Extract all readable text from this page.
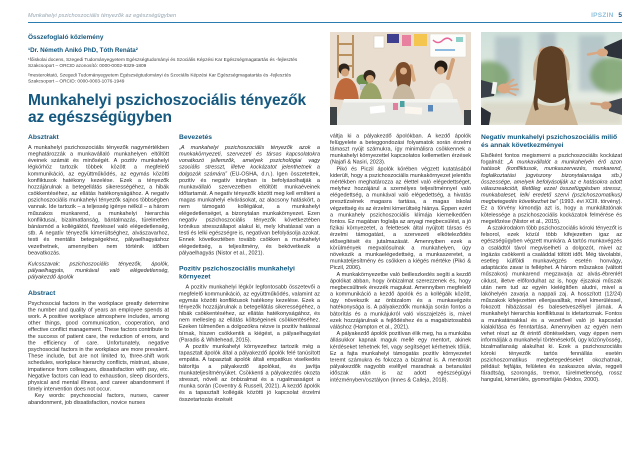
Munkahelyi pszichoszociális tényezők az egészségügyben	IPSZIN 5
Összefoglaló közlemény
¹Dr. Németh Anikó PhD, Tóth Renáta²

¹főiskolai docens, Szegedi Tudományegyetem Egészségtudományi és Szociális Képzési Kar Egészségmagatartás és -fejlesztés Szakcsoport – ORCID azonosító: 0000-0002-9329-1809

²mesteroktató, Szegedi Tudományegyetem Egészségtudományi és Szociális Képzési Kar Egészségmagatartás és -fejlesztés Szakcsoport – ORCID: 0000-0003-1076-1949

Munkahelyi pszichoszociális tényezők az egészségügyben
Absztrakt

A munkahelyi pszichoszociális tényezők nagymértékben meghatározzák a munkavállaló munkahelyen eltöltött éveinek számát és minőségét. A pozitív munkahelyi légkörhöz tartozik többek között a megfelelő kommunikáció, az együttműködés, az egymás közötti konfliktusok hatékony kezelése. Ezek a tényezők hozzájárulnak a betegellátás sikerességéhez, a hibák csökkentéséhez, az ellátás hatékonyságához. A negatív pszichoszociális munkahelyi tényezők sajnos többségben vannak. Ide tartozik – a teljesség igénye nélkül – a három műszakos munkarend, a munkahelyi hierarchia konfliktusai, bizalmatlanság, bántalmazás, türelmetlen bánásmód a kollégáktól, fizetéssel való elégedetlenség, stb. A negatív tényezők kimerültséghez, alvászavarhoz, testi és mentális betegségekhez, pályaelhagyáshoz vezethetnek, amennyiben nem történik időben beavatkozás.

Kulcsszavak: pszichoszociális tényezők, ápolók, pályaelhagyás, munkával való elégedetlenség, pályakezdő ápolók

Abstract

Psychosocial factors in the workplace greatly determine the number and quality of years an employee spends at work. A positive workplace atmosphere includes, among other things, good communication, cooperation, and effective conflict management. These factors contribute to the success of patient care, the reduction of errors, and the efficiency of care. Unfortunately, negative psychosocial factors in the workplace are more prevalent. These include, but are not limited to, three-shift work schedules, workplace hierarchy conflicts, mistrust, abuse, impatience from colleagues, dissatisfaction with pay, etc. Negative factors can lead to exhaustion, sleep disorders, physical and mental illness, and career abandonment if timely intervention does not occur.

Key words: psychosocial factors, nurses, career abandonment, job dissatisfaction, novice nurses

Bevezetés

„A munkahelyi pszichoszociális tényezők azok a munkakörnyezeti, szervezeti és társas kapcsolatokra vonatkozó jellemzők, amelyek pszichológiai vagy szociális stresszt, illetve kockázatot jelenthetnek a dolgozók számára” (EU-OSHA, d.n.). Igen összetettek, pozitív és negatív irányban is befolyásolhatják a munkavállaló szervezetben eltöltött munkaéveinek időtartamát. A negatív tényezők között meg kell említeni a magas munkahelyi elvárásokat, az alacsony hatáskört, a nem támogató kollégákat, a munkahelyi elégedetlenséget, a bizonytalan munkakörnyezet. Ezen negatív pszichoszociális tényezők következtében krónikus stresszállapot alakul ki, mely kihatással van a testi és lelki egészségre is, negatívan befolyásolja azokat. Ennek következtében tovább csökken a munkahelyi elégedettség, a teljesítmény, és bekövetkezik a pályaelhagyás (Nistor et al., 2021).

Pozitív pszichoszociális munkahelyi környezet

A pozitív munkahelyi légkör legfontosabb összetevői a megfelelő kommunikáció, az együttműködés, valamint az egymás közötti konfliktusok hatékony kezelése. Ezek a tényezők hozzájárulnak a betegellátás sikerességéhez, a hibák csökkentéséhez, az ellátás hatékonyságához, és nem mellesleg az ellátás költségeinek csökkentéséhez. Ezeken túlmenően a dolgozókra nézve is pozitív hatással bírnak, hiszen csökkentik a kiégést, a pályaelhagyást (Paradis & Whitehead, 2015).

A pozitív munkahelyi környezethez tartozik még a tapasztalt ápolók által a pályakezdő ápolók felé tanúsított empátia. A tapasztalt ápolók általi empatikus viselkedés bátorítja a pályakezdő ápolókat, és javítja munkateljesítményüket. Csökkenti a pályakezdés okozta stresszt, növeli az önbizalmat és a rugalmasságot a munka során (Coventry & Russell, 2021). A kezdő ápolók és a tapasztalt kollégák közötti jó kapcsolat érzelmi összetartozás érzését

váltja ki a pályakezdő ápolókban. A kezdő ápolók felügyelete a beteggondozási folyamatok során érzelmi támaszt nyújt számukra, így minimálisra csökkennek a munkahelyi környezettel kapcsolatos kellemetlen érzések (Najafi & Nasiri, 2023).

Pikó és Piczil ápolók körében végzett kutatásából kiderült, hogy a pszichoszociális munkakörnyezet jelentős mértékben meghatározza az élettel való elégedettséget, melyhez hozzájárul a személyes teljesítménnyel való elégedettség, a munkával való elégedettség, a hivatás presztízsének magasra tartása, a magas iskolai végzettség és az érzelmi kimerültség hiánya. Éppen ezért a munkahely pszichoszociális klímája kiemelkedően fontos. Ez magában foglalja az anyagi megbecsülést, a jó fizikai környezetet, a felettesek által nyújtott társas és érzelmi támogatást, a szervezeti elköteleződés elősegítését és jutalmazását. Amennyiben ezek a körülmények megvalósulnak a munkahelyen, úgy növekszik a munkaelégedettség, a munkaszeretet, a munkateljesítmény és csökken a kiégés mértéke (Pikó & Piczil, 2006).

A munkakörnyezetbe való beilleszkedés segíti a kezdő ápolókat abban, hogy önbizalmat szerezzenek és, hogy megbecsültnek érezzék magukat. Amennyiben megfelelő a kommunikáció a kezdő ápolók és a kollégáik között, úgy növekszik az önbizalom és a munkavégzés hatékonysága is. A pályakezdők munkája során fontos a bátorítás és a munkájukról való visszajelzés is, mivel ezek hozzájárulnak a fejlődéshez és a magabiztosabbá váláshoz (Hampton et al., 2021).

A pályakezdő ápolók pozitívan élik meg, ha a munkába állásukkor kapnak maguk mellé egy mentort, akinek kérdéseket tehetnek fel, vagy segítséget kérhetnek tőlük. Ez a fajta munkahelyi támogatás pozitív környezetet teremt számukra és fokozza a bizalmat is. A mentorált pályakezdők nagyobb eséllyel maradnak a betanulási időszak után is az adott egészségügyi intézményben/osztályon (Innes & Calleja, 2018).

Negatív munkahelyi pszichoszociális miliő és annak következményei

Elsőként fontos megismerni a pszichoszociális kockázat fogalmát: „A munkavállalót a munkahelyén érő azon hatások (konfliktusok, munkaszervezés, munkarend, foglalkoztatási jogviszony bizonytalansága stb.) összessége, amelyek befolyásolják az e hatásokra adott válaszreakcióit, illetőleg ezzel összefüggésben stressz, munkabaleset, lelki eredetű szervi (pszichoszomatikus) megbetegedés következhet be” (1993. évi XCIII. törvény). Ez a törvény kimondja azt is, hogy a munkáltatónak kötelessége a pszichoszociális kockázatok felmérése és megelőzése (Nistor et al., 2015).

A szakirodalom több pszichoszociális kóroki tényezőt is felsorol, ezek közül több kifejezetten igaz az egészségügyben végzett munkára. A tartós munkavégzés a családtól távol megviselheti a dolgozót, mivel az ingázás csökkenti a családdal töltött időt. Még távolabbi, esetleg külföldi munkavégzés esetén honvágy, adaptációs zavar is felléphet. A három műszakos (váltott műszakos) munkarend megzavarja az alvás-ébrenlét ciklust, illetve előfordulhat az is, hogy éjszakai műszak után nem tud az egyén kielégítően aludni, mivel a lakóhelyén zavarja a nappali zaj. A hosszított (12/24) műszakok kifejezetten ellenjavalltak, mivel kimerüléssel, fokozott hibázással és balesetveszéllyel járnak. A munkahelyi hierarchia konfliktusai is idetartoznak. Fontos a munkatársakkal és a vezetővel való jó kapcsolat kialakítása és fenntartása. Amennyiben az egyén nem vehet részt az őt érintő döntésekben, vagy éppen nem informálják a munkahelyi történésekről, úgy közönyösség, bizalmatlanság alakulhat ki. Ezek a pszichoszociális kóroki tényezők tartós fennállás esetén pszichoszomatikus megbetegedéseket okozhatnak, például: fejfájás, felületes és szakaszos alvás, reggeli fáradtság, szorongás, tremor, türelmetlenség, rossz hangulat, kimerülés, gyomorfájás (Hódos, 2000).
